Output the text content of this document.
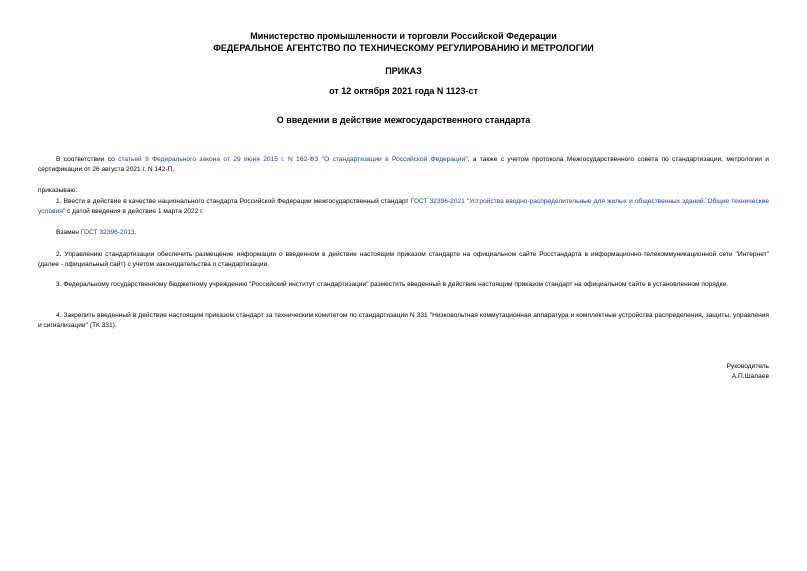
Министерство промышленности и торговли Российской Федерации
ФЕДЕРАЛЬНОЕ АГЕНТСТВО ПО ТЕХНИЧЕСКОМУ РЕГУЛИРОВАНИЮ И МЕТРОЛОГИИ
ПРИКАЗ
от 12 октября 2021 года N 1123-ст
О введении в действие межгосударственного стандарта
В соответствии со статьей 9 Федерального закона от 29 июня 2015 г. N 162-ФЗ "О стандартизации в Российской Федерации", а также с учетом протокола Межгосударственного совета по стандартизации, метрологии и сертификации от 26 августа 2021 г. N 142-П,
приказываю:
1. Ввести в действие в качестве национального стандарта Российской Федерации межгосударственный стандарт ГОСТ 32396-2021 "Устройства вводно-распределительные для жилых и общественных зданий. Общие технические условия" с датой введения в действие 1 марта 2022 г.
Взамен ГОСТ 32396-2013.
2. Управлению стандартизации обеспечить размещение информации о введенном в действие настоящим приказом стандарте на официальном сайте Росстандарта в информационно-телекоммуникационной сети "Интернет" (далее - официальный сайт) с учетом законодательства о стандартизации.
3. Федеральному государственному бюджетному учреждению "Российский институт стандартизации" разместить введенный в действие настоящим приказом стандарт на официальном сайте в установленном порядке.
4. Закрепить введенный в действие настоящим приказом стандарт за техническим комитетом по стандартизации N 331 "Низковольтная коммутационная аппаратура и комплектные устройства распределения, защиты, управления и сигнализации" (ТК 331).
Руководитель
А.П.Шалаев
